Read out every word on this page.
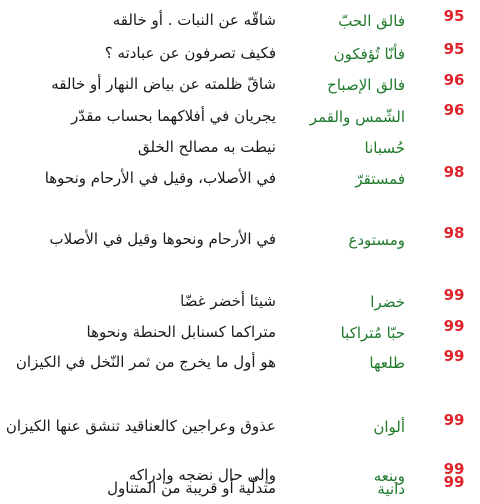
95
فالق الحبّ
شاقّه عن النبات . أو خالقه
95
فأنّا تُؤفكون
فكيف تصرفون عن عبادته ؟
96
فالق الإصباح
شاقّ ظلمته عن بياض النهار أو خالقه
96
الشّمس والقمر
يجريان في أفلاكهما بحساب مقدّر
حُسبانا
نيطت به مصالح الخلق
98
فمستقرّ
في الأصلاب، وقيل في الأرحام ونحوها
98
ومستودع
في الأرحام ونحوها وقيل في الأصلاب
99
خضرا
شيئا أخضر غضّا
99
حبّا مُتراكبا
متراكما كسنابل الحنطة ونحوها
99
طلعها
هو أول ما يخرج من ثمر النّخل في الكيزان
99
ألوان
عذوق وعراجين كالعناقيد تنشق عنها الكيزان
99
دانية
متدلّية أو قريبة من المتناول
99
وينعه
وإلى حال نضجه وإدراكه
